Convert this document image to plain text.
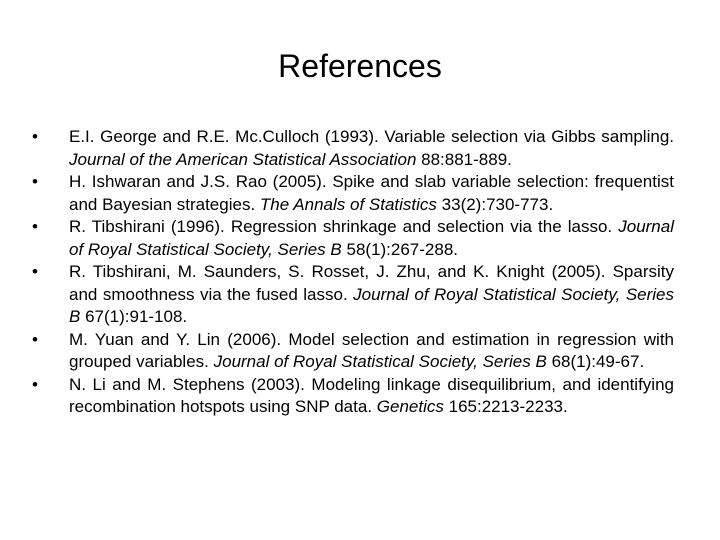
References
• E.I. George and R.E. Mc.Culloch (1993). Variable selection via Gibbs sampling. Journal of the American Statistical Association 88:881-889.
• H. Ishwaran and J.S. Rao (2005). Spike and slab variable selection: frequentist and Bayesian strategies. The Annals of Statistics 33(2):730-773.
• R. Tibshirani (1996). Regression shrinkage and selection via the lasso. Journal of Royal Statistical Society, Series B 58(1):267-288.
• R. Tibshirani, M. Saunders, S. Rosset, J. Zhu, and K. Knight (2005). Sparsity and smoothness via the fused lasso. Journal of Royal Statistical Society, Series B 67(1):91-108.
• M. Yuan and Y. Lin (2006). Model selection and estimation in regression with grouped variables. Journal of Royal Statistical Society, Series B 68(1):49-67.
• N. Li and M. Stephens (2003). Modeling linkage disequilibrium, and identifying recombination hotspots using SNP data. Genetics 165:2213-2233.
